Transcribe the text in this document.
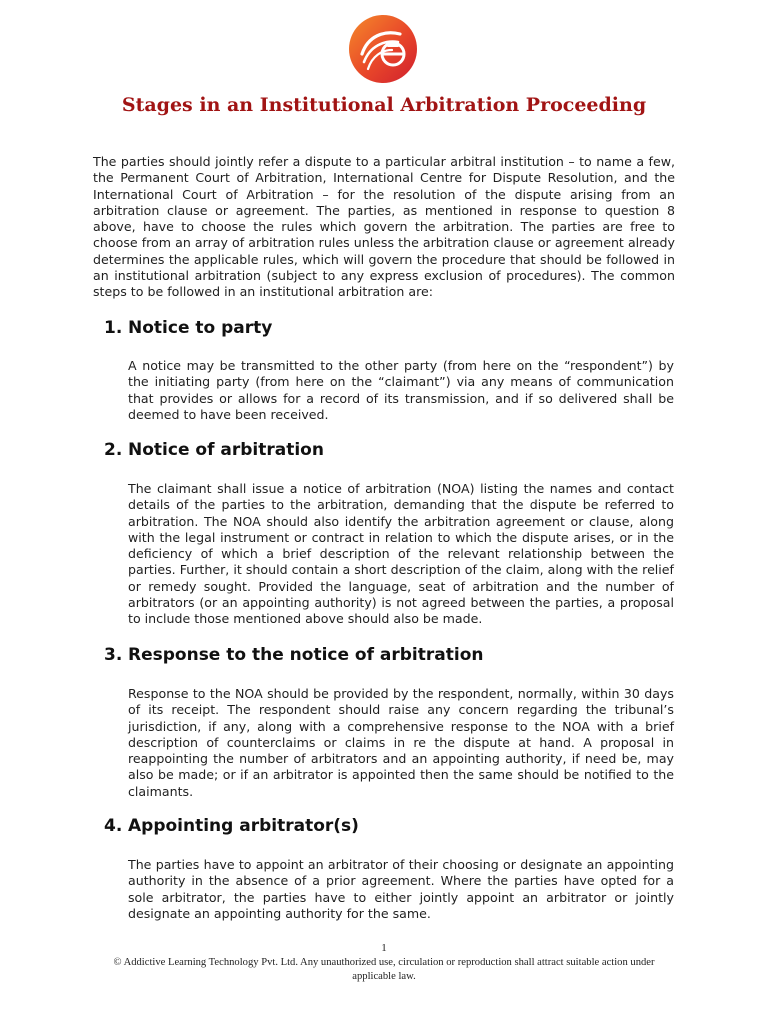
Stages in an Institutional Arbitration Proceeding

The parties should jointly refer a dispute to a particular arbitral institution – to name a few, the Permanent Court of Arbitration, International Centre for Dispute Resolution, and the International Court of Arbitration – for the resolution of the dispute arising from an arbitration clause or agreement. The parties, as mentioned in response to question 8 above, have to choose the rules which govern the arbitration. The parties are free to choose from an array of arbitration rules unless the arbitration clause or agreement already determines the applicable rules, which will govern the procedure that should be followed in an institutional arbitration (subject to any express exclusion of procedures). The common steps to be followed in an institutional arbitration are:

1. Notice to party

A notice may be transmitted to the other party (from here on the “respondent”) by the initiating party (from here on the “claimant”) via any means of communication that provides or allows for a record of its transmission, and if so delivered shall be deemed to have been received.

2. Notice of arbitration

The claimant shall issue a notice of arbitration (NOA) listing the names and contact details of the parties to the arbitration, demanding that the dispute be referred to arbitration. The NOA should also identify the arbitration agreement or clause, along with the legal instrument or contract in relation to which the dispute arises, or in the deficiency of which a brief description of the relevant relationship between the parties. Further, it should contain a short description of the claim, along with the relief or remedy sought. Provided the language, seat of arbitration and the number of arbitrators (or an appointing authority) is not agreed between the parties, a proposal to include those mentioned above should also be made.

3. Response to the notice of arbitration

Response to the NOA should be provided by the respondent, normally, within 30 days of its receipt. The respondent should raise any concern regarding the tribunal’s jurisdiction, if any, along with a comprehensive response to the NOA with a brief description of counterclaims or claims in re the dispute at hand. A proposal in reappointing the number of arbitrators and an appointing authority, if need be, may also be made; or if an arbitrator is appointed then the same should be notified to the claimants.

4. Appointing arbitrator(s)

The parties have to appoint an arbitrator of their choosing or designate an appointing authority in the absence of a prior agreement. Where the parties have opted for a sole arbitrator, the parties have to either jointly appoint an arbitrator or jointly designate an appointing authority for the same.

1

© Addictive Learning Technology Pvt. Ltd. Any unauthorized use, circulation or reproduction shall attract suitable action under applicable law.
